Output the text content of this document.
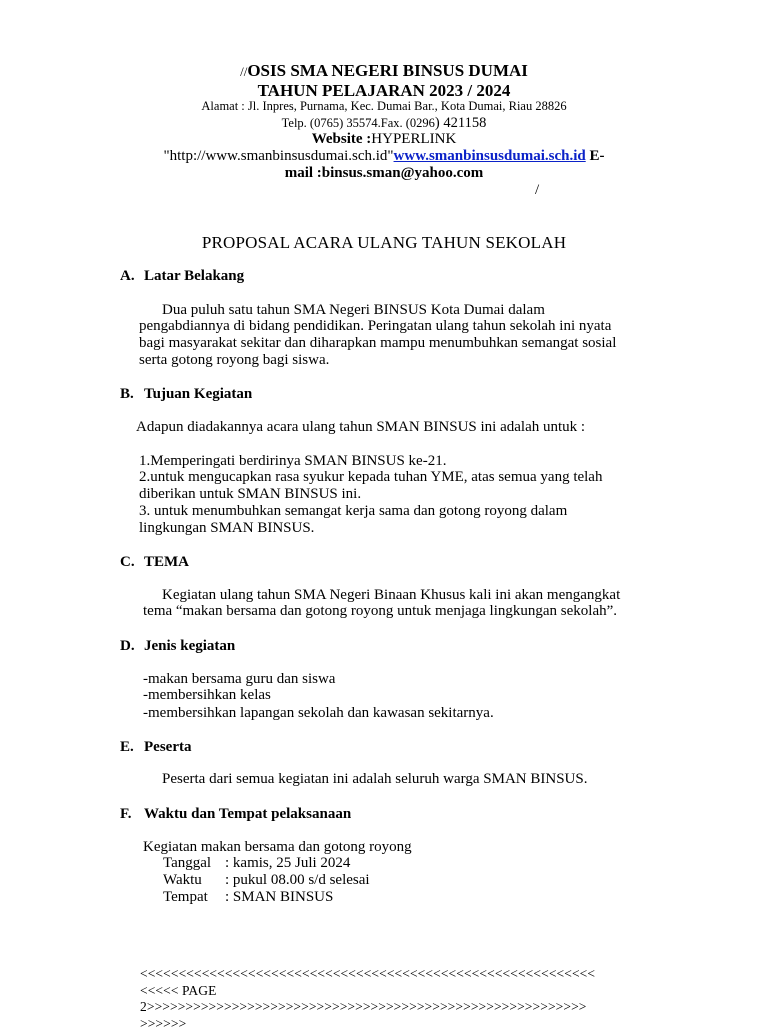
//OSIS SMA NEGERI BINSUS DUMAI
TAHUN PELAJARAN 2023 / 2024
Alamat : Jl. Inpres, Purnama, Kec. Dumai Bar., Kota Dumai, Riau 28826
Telp. (0765) 35574.Fax. (0296) 421158
Website :HYPERLINK
"http://www.smanbinsusdumai.sch.id"www.smanbinsusdumai.sch.id E-
mail :binsus.sman@yahoo.com
/
PROPOSAL ACARA ULANG TAHUN SEKOLAH
A. Latar Belakang
Dua puluh satu tahun SMA Negeri BINSUS Kota Dumai dalam
pengabdiannya di bidang pendidikan. Peringatan ulang tahun sekolah ini nyata
bagi masyarakat sekitar dan diharapkan mampu menumbuhkan semangat sosial
serta gotong royong bagi siswa.
B. Tujuan Kegiatan
Adapun diadakannya acara ulang tahun SMAN BINSUS ini adalah untuk :
1.Memperingati berdirinya SMAN BINSUS ke-21.
2.untuk mengucapkan rasa syukur kepada tuhan YME, atas semua yang telah
diberikan untuk SMAN BINSUS ini.
3. untuk menumbuhkan semangat kerja sama dan gotong royong dalam
lingkungan SMAN BINSUS.
C. TEMA
Kegiatan ulang tahun SMA Negeri Binaan Khusus kali ini akan mengangkat
tema “makan bersama dan gotong royong untuk menjaga lingkungan sekolah”.
D. Jenis kegiatan
-makan bersama guru dan siswa
-membersihkan kelas
-membersihkan lapangan sekolah dan kawasan sekitarnya.
E. Peserta
Peserta dari semua kegiatan ini adalah seluruh warga SMAN BINSUS.
F. Waktu dan Tempat pelaksanaan
Kegiatan makan bersama dan gotong royong
Tanggal : kamis, 25 Juli 2024
Waktu : pukul 08.00 s/d selesai
Tempat : SMAN BINSUS
<<<<<<<<<<<<<<<<<<<<<<<<<<<<<<<<<<<<<<<<<<<<<<<<<<<<<<<<<<<
<<<<< PAGE
2>>>>>>>>>>>>>>>>>>>>>>>>>>>>>>>>>>>>>>>>>>>>>>>>>>>>>>>>>
>>>>>>
